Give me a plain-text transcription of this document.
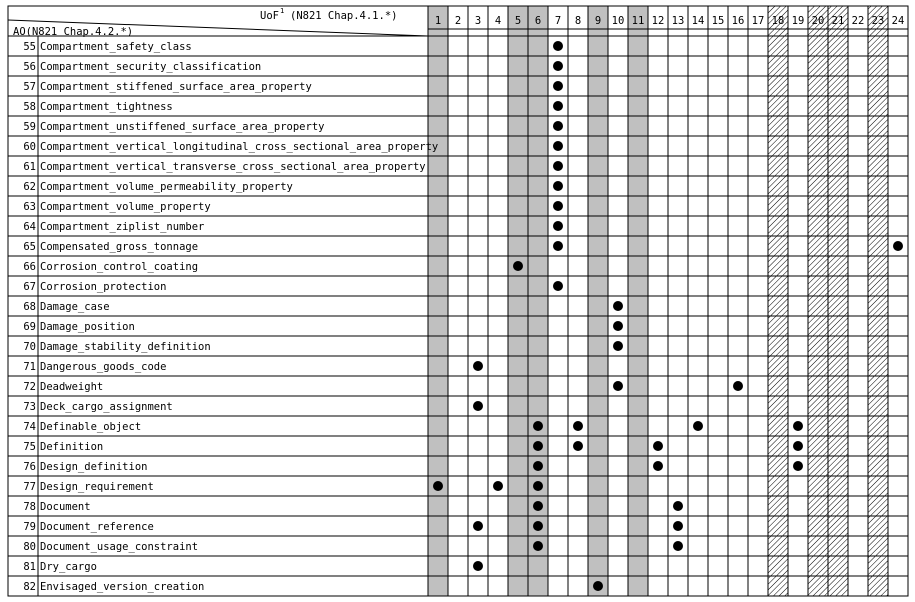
UoF 1 (N821 Chap.4.1.*)
AO(N821 Chap.4.2.*)
1 2 3 4 5 6 7 8 9 10 11 12 13 14 15 16 17 18 19 20 21 22 23 24
55 Compartment_safety_class
56 Compartment_security_classification
57 Compartment_stiffened_surface_area_property
58 Compartment_tightness
59 Compartment_unstiffened_surface_area_property
60 Compartment_vertical_longitudinal_cross_sectional_area_property
61 Compartment_vertical_transverse_cross_sectional_area_property
62 Compartment_volume_permeability_property
63 Compartment_volume_property
64 Compartment_ziplist_number
65 Compensated_gross_tonnage
66 Corrosion_control_coating
67 Corrosion_protection
68 Damage_case
69 Damage_position
70 Damage_stability_definition
71 Dangerous_goods_code
72 Deadweight
73 Deck_cargo_assignment
74 Definable_object
75 Definition
76 Design_definition
77 Design_requirement
78 Document
79 Document_reference
80 Document_usage_constraint
81 Dry_cargo
82 Envisaged_version_creation
